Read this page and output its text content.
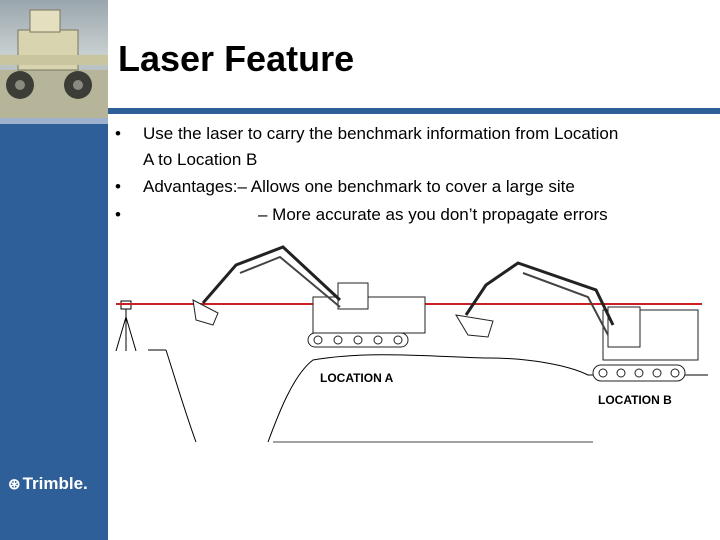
Laser Feature
• Use the laser to carry the benchmark information from Location
A to Location B
• Advantages:– Allows one benchmark to cover a large site
•	– More accurate as you don’t propagate errors
LOCATION A
LOCATION B
⊛ Trimble.
